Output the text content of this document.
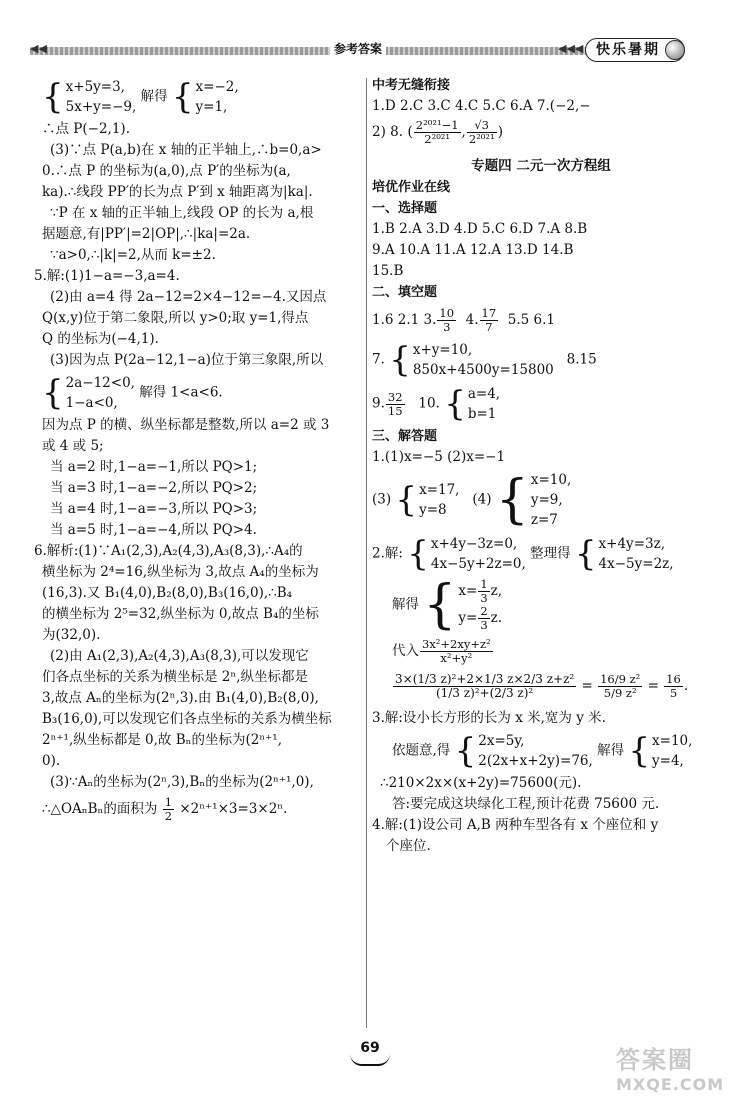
◀◀	参考答案	◀◀◀ 快乐暑期
{ x+5y=3,
5x+y=−9,
解得 { x=−2,
y=1,
∴点 P(−2,1).
(3)∵点 P(a,b)在 x 轴的正半轴上,∴b=0,a>
0.∴点 P 的坐标为(a,0),点 P′的坐标为(a,
ka).∴线段 PP′的长为点 P′到 x 轴距离为|ka|.
∵P 在 x 轴的正半轴上,线段 OP 的长为 a,根
据题意,有|PP′|=2|OP|,∴|ka|=2a.
∵a>0,∴|k|=2,从而 k=±2.
5.解:(1)1−a=−3,a=4.
(2)由 a=4 得 2a−12=2×4−12=−4.又因点
Q(x,y)位于第二象限,所以 y>0;取 y=1,得点
Q 的坐标为(−4,1).
(3)因为点 P(2a−12,1−a)位于第三象限,所以
{ 2a−12<0,
1−a<0,
解得 1<a<6.
因为点 P 的横、纵坐标都是整数,所以 a=2 或 3
或 4 或 5;
当 a=2 时,1−a=−1,所以 PQ>1;
当 a=3 时,1−a=−2,所以 PQ>2;
当 a=4 时,1−a=−3,所以 PQ>3;
当 a=5 时,1−a=−4,所以 PQ>4.
6.解析:(1)∵A₁(2,3),A₂(4,3),A₃(8,3),∴A₄的
横坐标为 2⁴=16,纵坐标为 3,故点 A₄的坐标为
(16,3).又 B₁(4,0),B₂(8,0),B₃(16,0),∴B₄
的横坐标为 2⁵=32,纵坐标为 0,故点 B₄的坐标
为(32,0).
(2)由 A₁(2,3),A₂(4,3),A₃(8,3),可以发现它
们各点坐标的关系为横坐标是 2ⁿ,纵坐标都是
3,故点 Aₙ的坐标为(2ⁿ,3).由 B₁(4,0),B₂(8,0),
B₃(16,0),可以发现它们各点坐标的关系为横坐标
2ⁿ⁺¹,纵坐标都是 0,故 Bₙ的坐标为(2ⁿ⁺¹,
0).
(3)∵Aₙ的坐标为(2ⁿ,3),Bₙ的坐标为(2ⁿ⁺¹,0),
∴△OAₙBₙ的面积为 $\frac{1}{2} \times 2^{n+1}\times 3=3\times 2^n$.
中考无缝衔接
1.D 2.C 3.C 4.C 5.C 6.A 7.(−2,−
2) 8. ( $\frac{\text{2²⁰²¹−1}}{\text{2²⁰²¹}}$ , $\frac{√3}{\text{2²⁰²¹}}$ )
专题四 二元一次方程组
培优作业在线
一、选择题
1.B 2.A 3.D 4.D 5.C 6.D 7.A 8.B
9.A 10.A 11.A 12.A 13.D 14.B
15.B
二、填空题
1.6 2.1 3. $\frac{10}{3} 4$. $\frac{17}{7} 5.5$ 6.1
7. { x+y=10,
850x+4500y=15800
8.15
9. $\frac{32}{15} 10$. { a=4,
b=1
三、解答题
1.(1)x=−5 (2)x=−1
(3) { x=17,
y=8
(4) { x=10,
y=9,
z=7
2.解: { x+4y−3z=0,
4x−5y+2z=0,
整理得 { x+4y=3z,
4x−5y=2z,
解得 { $x= \frac{1}{3} z$,
$y= \frac{2}{3} z$.
代入 $\frac{\text{3x²+2xy+z²}}{\text{x²+y²}}$
$\frac{\text{3×(1/3 z)²+2×1/3 z×2/3 z+z²}}{\text{(1/3 z)²+(2/3 z)²}} = \frac{\text{16/9 z²}}{\text{5/9 z²}} = \frac{16}{5}$ .
3.解:设小长方形的长为 x 米,宽为 y 米.
依题意,得 { 2x=5y,
2(2x+x+2y)=76,
解得 { x=10,
y=4,
∴210×2x×(x+2y)=75600(元).
答:要完成这块绿化工程,预计花费 75600 元.
4.解:(1)设公司 A,B 两种车型各有 x 个座位和 y
个座位.
69	答案圈
MXQE.COM
